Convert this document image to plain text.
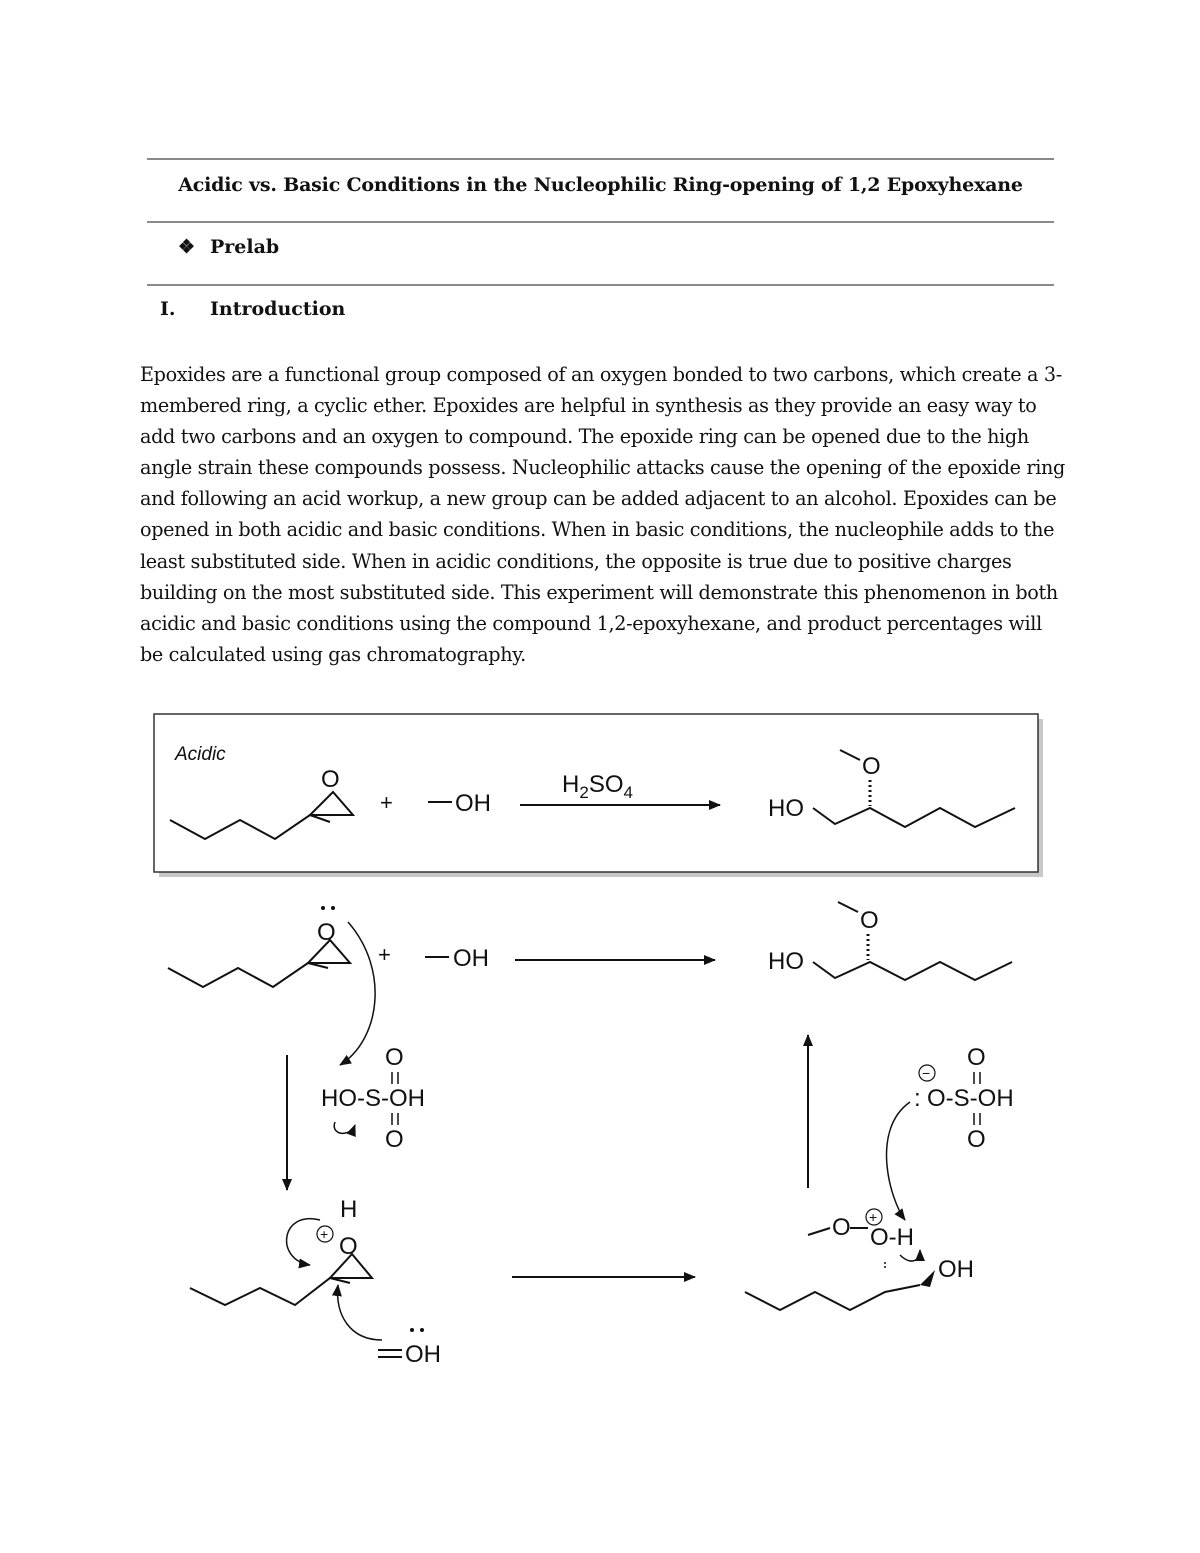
Acidic vs. Basic Conditions in the Nucleophilic Ring-opening of 1,2 Epoxyhexane
❖ Prelab
I. Introduction

Epoxides are a functional group composed of an oxygen bonded to two carbons, which create a 3-membered ring, a cyclic ether. Epoxides are helpful in synthesis as they provide an easy way to add two carbons and an oxygen to compound. The epoxide ring can be opened due to the high angle strain these compounds possess. Nucleophilic attacks cause the opening of the epoxide ring and following an acid workup, a new group can be added adjacent to an alcohol. Epoxides can be opened in both acidic and basic conditions. When in basic conditions, the nucleophile adds to the least substituted side. When in acidic conditions, the opposite is true due to positive charges building on the most substituted side. This experiment will demonstrate this phenomenon in both acidic and basic conditions using the compound 1,2-epoxyhexane, and product percentages will be calculated using gas chromatography.

Acidic
O
+	OH
$H_2SO_4$
HO
O
O
+	OH	HO
O
O
HO-S-OH
O
O
H
+
OH
−
O
: O-S-OH
O
OH
O O-H
+
